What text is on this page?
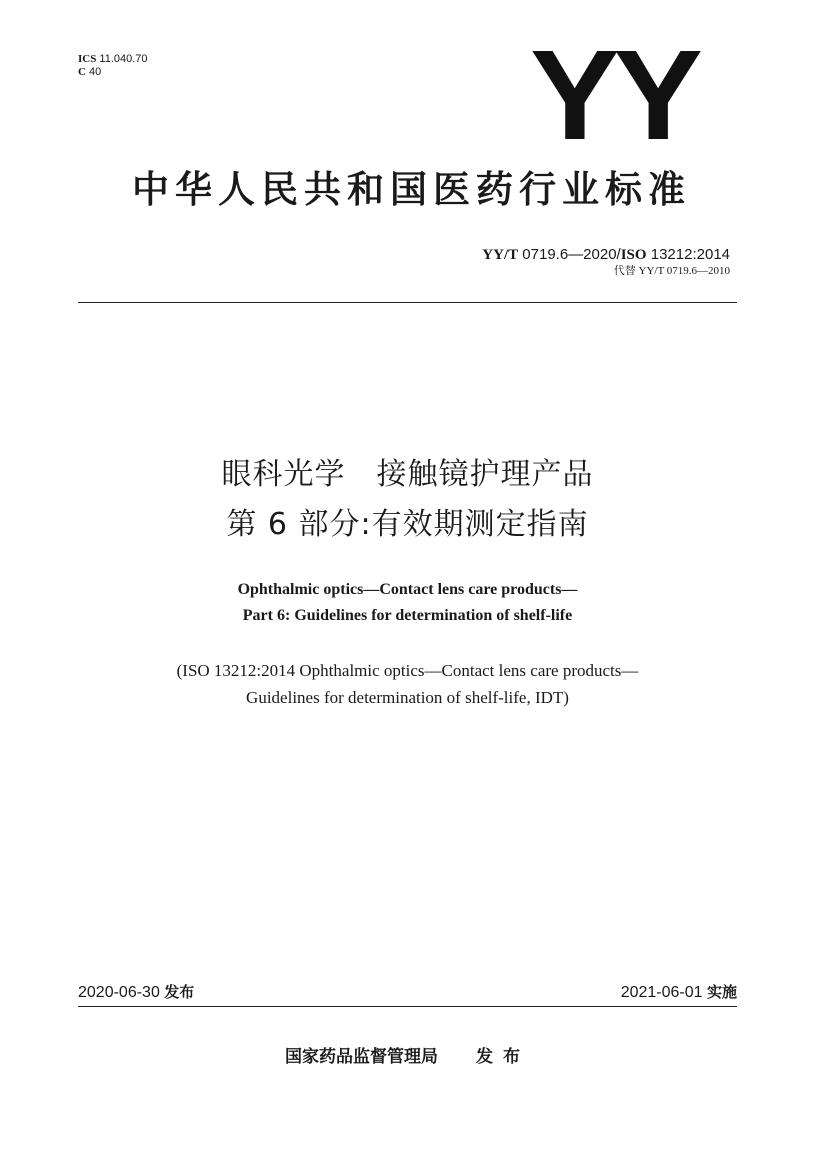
ICS 11.040.70
C 40	YY
中华人民共和国医药行业标准
YY/T 0719.6—2020/ISO 13212:2014
代替 YY/T 0719.6—2010
眼科光学　接触镜护理产品
第 6 部分:有效期测定指南
Ophthalmic optics—Contact lens care products—
Part 6: Guidelines for determination of shelf-life
(ISO 13212:2014 Ophthalmic optics—Contact lens care products—
Guidelines for determination of shelf-life, IDT)
2020-06-30 发布	2021-06-01 实施
国家药品监督管理局 发布
